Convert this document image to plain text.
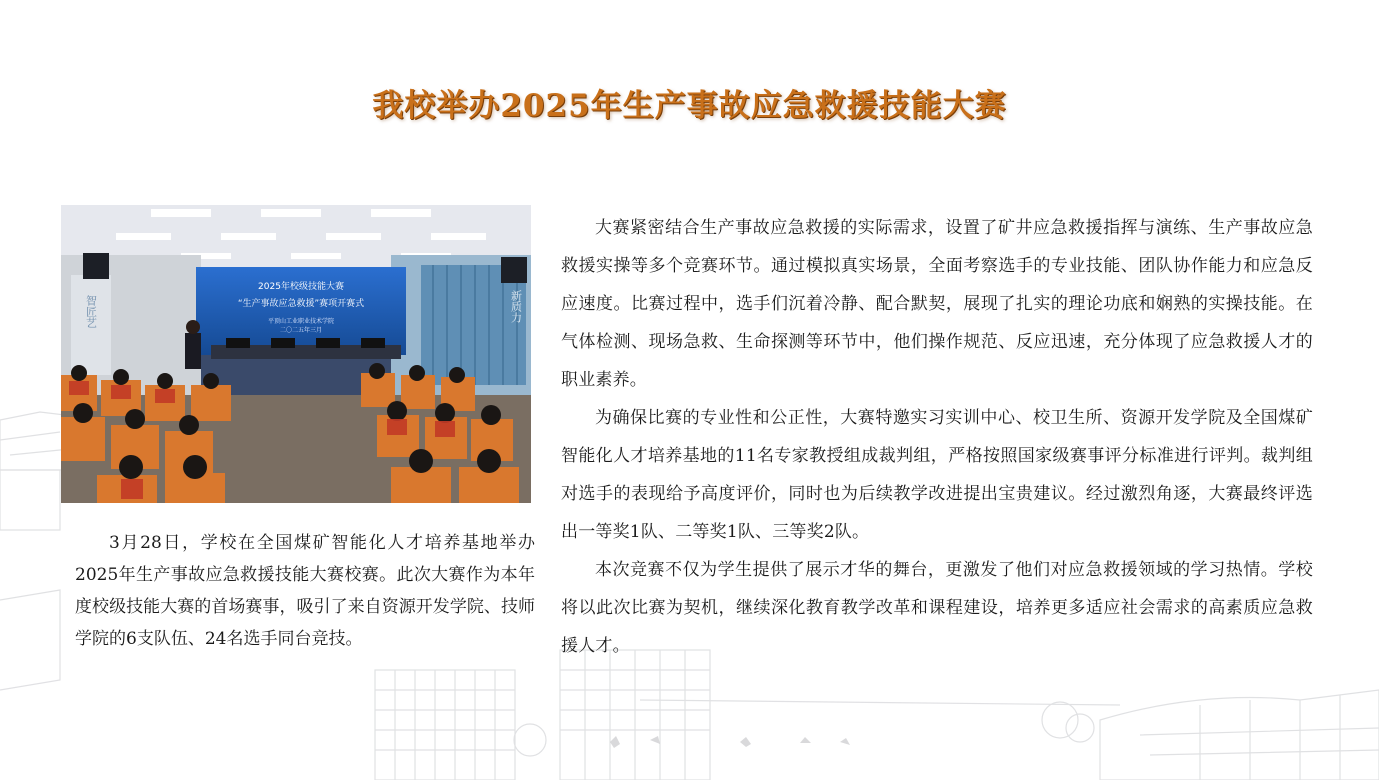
我校举办2025年生产事故应急救援技能大赛
智匠艺	新质力
2025年校级技能大赛
“生产事故应急救援”赛项开赛式
平顶山工业职业技术学院
二〇二五年三月
3月28日，学校在全国煤矿智能化人才培养基地举办2025年生产事故应急救援技能大赛校赛。此次大赛作为本年度校级技能大赛的首场赛事，吸引了来自资源开发学院、技师学院的6支队伍、24名选手同台竞技。

大赛紧密结合生产事故应急救援的实际需求，设置了矿井应急救援指挥与演练、生产事故应急救援实操等多个竞赛环节。通过模拟真实场景，全面考察选手的专业技能、团队协作能力和应急反应速度。比赛过程中，选手们沉着冷静、配合默契，展现了扎实的理论功底和娴熟的实操技能。在气体检测、现场急救、生命探测等环节中，他们操作规范、反应迅速，充分体现了应急救援人才的职业素养。

为确保比赛的专业性和公正性，大赛特邀实习实训中心、校卫生所、资源开发学院及全国煤矿智能化人才培养基地的11名专家教授组成裁判组，严格按照国家级赛事评分标准进行评判。裁判组对选手的表现给予高度评价，同时也为后续教学改进提出宝贵建议。经过激烈角逐，大赛最终评选出一等奖1队、二等奖1队、三等奖2队。

本次竞赛不仅为学生提供了展示才华的舞台，更激发了他们对应急救援领域的学习热情。学校将以此次比赛为契机，继续深化教育教学改革和课程建设，培养更多适应社会需求的高素质应急救援人才。
